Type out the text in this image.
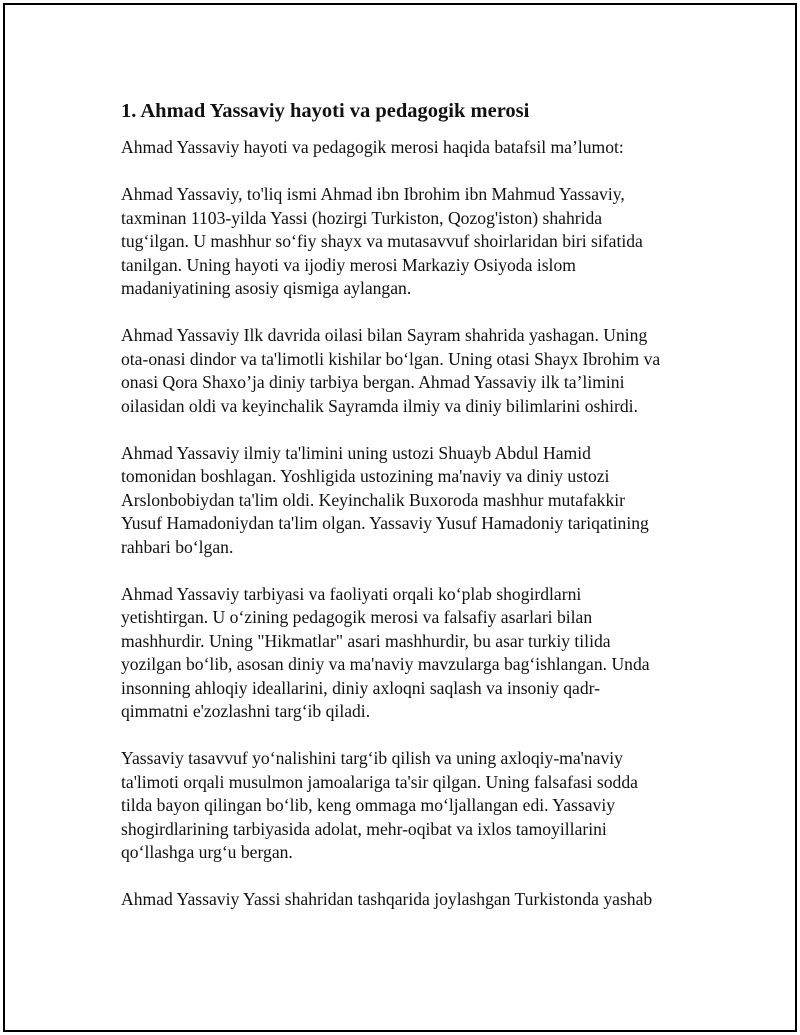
1. Ahmad Yassaviy hayoti va pedagogik merosi

Ahmad Yassaviy hayoti va pedagogik merosi haqida batafsil ma’lumot:

Ahmad Yassaviy, to'liq ismi Ahmad ibn Ibrohim ibn Mahmud Yassaviy,
taxminan 1103-yilda Yassi (hozirgi Turkiston, Qozog'iston) shahrida
tug‘ilgan. U mashhur so‘fiy shayx va mutasavvuf shoirlaridan biri sifatida
tanilgan. Uning hayoti va ijodiy merosi Markaziy Osiyoda islom
madaniyatining asosiy qismiga aylangan.

Ahmad Yassaviy Ilk davrida oilasi bilan Sayram shahrida yashagan. Uning
ota-onasi dindor va ta'limotli kishilar bo‘lgan. Uning otasi Shayx Ibrohim va
onasi Qora Shaxo’ja diniy tarbiya bergan. Ahmad Yassaviy ilk ta’limini
oilasidan oldi va keyinchalik Sayramda ilmiy va diniy bilimlarini oshirdi.

Ahmad Yassaviy ilmiy ta'limini uning ustozi Shuayb Abdul Hamid
tomonidan boshlagan. Yoshligida ustozining ma'naviy va diniy ustozi
Arslonbobiydan ta'lim oldi. Keyinchalik Buxoroda mashhur mutafakkir
Yusuf Hamadoniydan ta'lim olgan. Yassaviy Yusuf Hamadoniy tariqatining
rahbari bo‘lgan.

Ahmad Yassaviy tarbiyasi va faoliyati orqali ko‘plab shogirdlarni
yetishtirgan. U o‘zining pedagogik merosi va falsafiy asarlari bilan
mashhurdir. Uning "Hikmatlar" asari mashhurdir, bu asar turkiy tilida
yozilgan bo‘lib, asosan diniy va ma'naviy mavzularga bag‘ishlangan. Unda
insonning ahloqiy ideallarini, diniy axloqni saqlash va insoniy qadr-
qimmatni e'zozlashni targ‘ib qiladi.

Yassaviy tasavvuf yo‘nalishini targ‘ib qilish va uning axloqiy-ma'naviy
ta'limoti orqali musulmon jamoalariga ta'sir qilgan. Uning falsafasi sodda
tilda bayon qilingan bo‘lib, keng ommaga mo‘ljallangan edi. Yassaviy
shogirdlarining tarbiyasida adolat, mehr-oqibat va ixlos tamoyillarini
qo‘llashga urg‘u bergan.

Ahmad Yassaviy Yassi shahridan tashqarida joylashgan Turkistonda yashab
